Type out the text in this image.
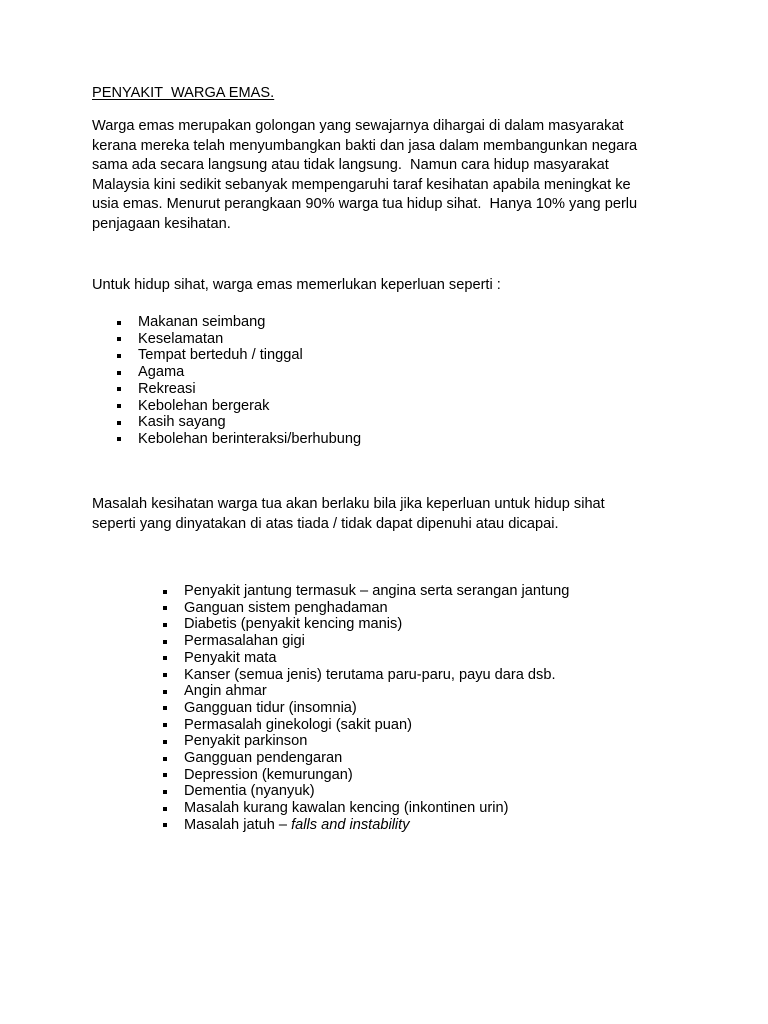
PENYAKIT  WARGA EMAS.

Warga emas merupakan golongan yang sewajarnya dihargai di dalam masyarakat
kerana mereka telah menyumbangkan bakti dan jasa dalam membangunkan negara
sama ada secara langsung atau tidak langsung.  Namun cara hidup masyarakat
Malaysia kini sedikit sebanyak mempengaruhi taraf kesihatan apabila meningkat ke
usia emas. Menurut perangkaan 90% warga tua hidup sihat.  Hanya 10% yang perlu
penjagaan kesihatan.

Untuk hidup sihat, warga emas memerlukan keperluan seperti :

Makanan seimbang
Keselamatan
Tempat berteduh / tinggal
Agama
Rekreasi
Kebolehan bergerak
Kasih sayang
Kebolehan berinteraksi/berhubung

Masalah kesihatan warga tua akan berlaku bila jika keperluan untuk hidup sihat
seperti yang dinyatakan di atas tiada / tidak dapat dipenuhi atau dicapai.

Penyakit jantung termasuk – angina serta serangan jantung
Ganguan sistem penghadaman
Diabetis (penyakit kencing manis)
Permasalahan gigi
Penyakit mata
Kanser (semua jenis) terutama paru-paru, payu dara dsb.
Angin ahmar
Gangguan tidur (insomnia)
Permasalah ginekologi (sakit puan)
Penyakit parkinson
Gangguan pendengaran
Depression (kemurungan)
Dementia (nyanyuk)
Masalah kurang kawalan kencing (inkontinen urin)
Masalah jatuh – falls and instability
